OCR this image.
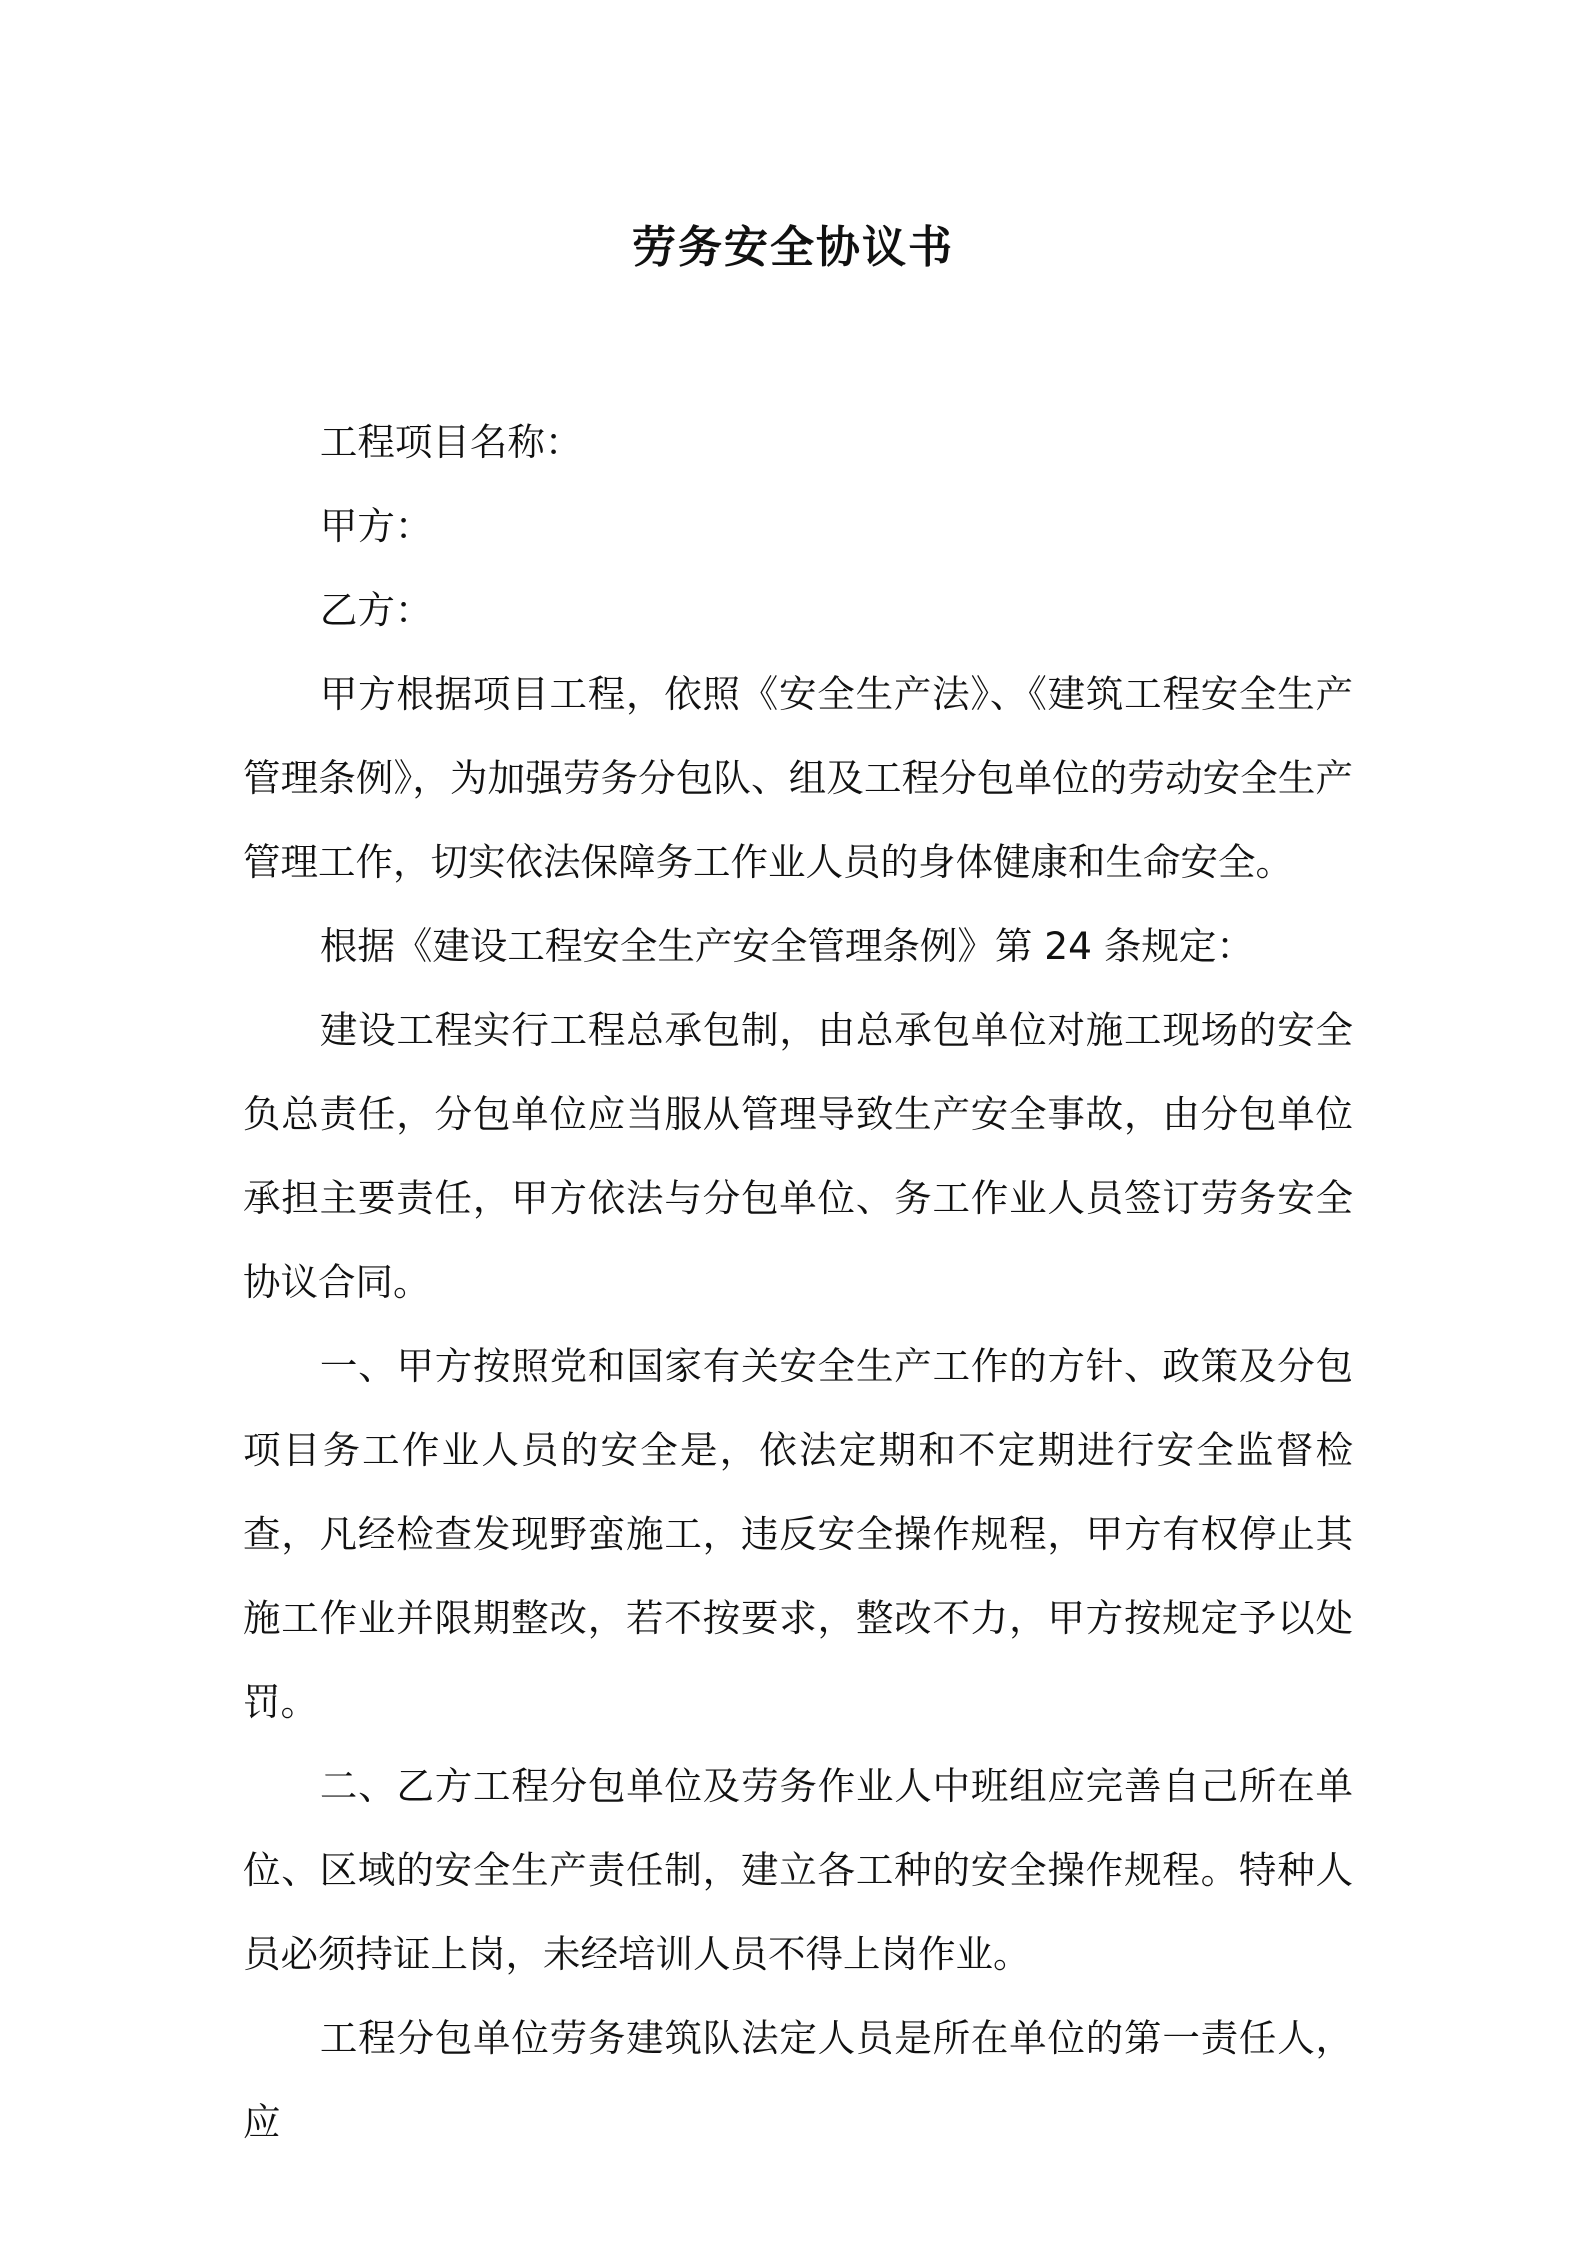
劳务安全协议书

工程项目名称：

甲方：

乙方：

甲方根据项目工程，依照《安全生产法》、《建筑工程安全生产管理条例》，为加强劳务分包队、组及工程分包单位的劳动安全生产管理工作，切实依法保障务工作业人员的身体健康和生命安全。

根据《建设工程安全生产安全管理条例》第 24 条规定：

建设工程实行工程总承包制，由总承包单位对施工现场的安全负总责任，分包单位应当服从管理导致生产安全事故，由分包单位承担主要责任，甲方依法与分包单位、务工作业人员签订劳务安全协议合同。

一、甲方按照党和国家有关安全生产工作的方针、政策及分包项目务工作业人员的安全是，依法定期和不定期进行安全监督检查，凡经检查发现野蛮施工，违反安全操作规程，甲方有权停止其施工作业并限期整改，若不按要求，整改不力，甲方按规定予以处罚。

二、乙方工程分包单位及劳务作业人中班组应完善自己所在单位、区域的安全生产责任制，建立各工种的安全操作规程。特种人员必须持证上岗，未经培训人员不得上岗作业。

工程分包单位劳务建筑队法定人员是所在单位的第一责任人，应
